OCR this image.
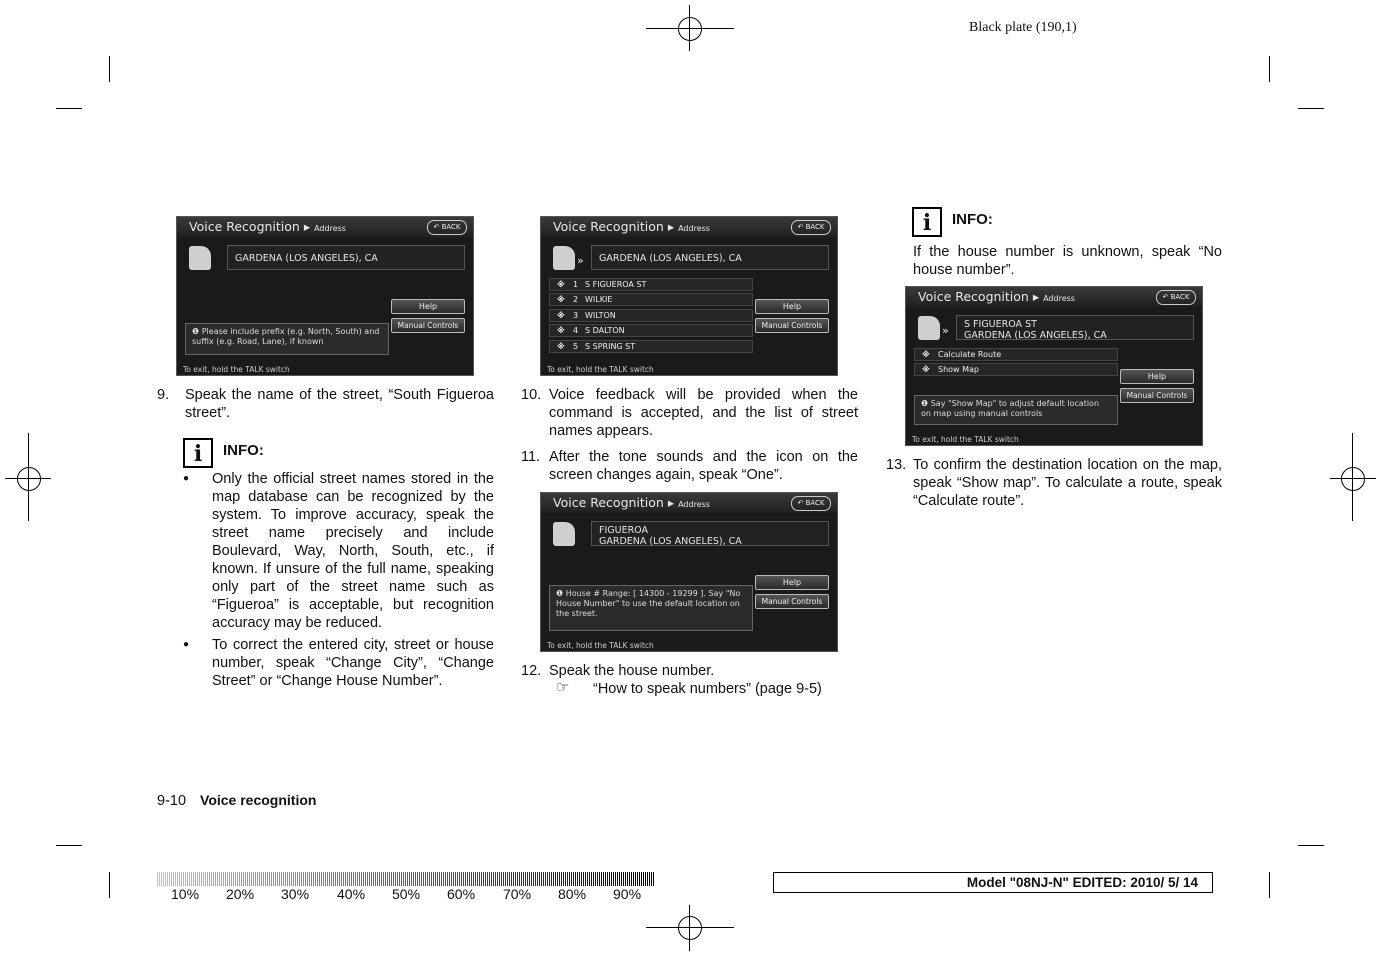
Black plate (190,1)
Voice Recognition ▸ Address	↶ BACK
GARDENA (LOS ANGELES), CA
Help
Manual Controls
❶ Please include prefix (e.g. North, South) and suffix (e.g. Road, Lane), if known
To exit, hold the TALK switch
Voice Recognition ▸ Address	↶ BACK
»
GARDENA (LOS ANGELES), CA
※ 1 S FIGUEROA ST
※ 2 WILKIE
※ 3 WILTON
※ 4 S DALTON
※ 5 S SPRING ST
Help
Manual Controls
To exit, hold the TALK switch
Voice Recognition ▸ Address	↶ BACK
FIGUEROA
GARDENA (LOS ANGELES), CA
Help
Manual Controls
❶ House # Range: [ 14300 - 19299 ]. Say "No House Number" to use the default location on the street.
To exit, hold the TALK switch
Voice Recognition ▸ Address	↶ BACK
»
S FIGUEROA ST
GARDENA (LOS ANGELES), CA
※ Calculate Route
※ Show Map
Help
Manual Controls
❶ Say "Show Map" to adjust default location on map using manual controls
To exit, hold the TALK switch
9. Speak the name of the street, “South Figueroa street”.
i	INFO:
● Only the official street names stored in the map database can be recognized by the system. To improve accuracy, speak the street name precisely and include Boulevard, Way, North, South, etc., if known. If unsure of the full name, speaking only part of the street name such as “Figueroa” is acceptable, but recognition accuracy may be reduced.
● To correct the entered city, street or house number, speak “Change City”, “Change Street” or “Change House Number”.
10. Voice feedback will be provided when the command is accepted, and the list of street names appears.
11. After the tone sounds and the icon on the screen changes again, speak “One”.
12. Speak the house number.
☞	“How to speak numbers” (page 9-5)
i	INFO:
If the house number is unknown, speak “No house number”.
13. To confirm the destination location on the map, speak “Show map”. To calculate a route, speak “Calculate route”.
9-10 Voice recognition
10% 20% 30% 40% 50% 60% 70% 80% 90%
Model "08NJ-N" EDITED: 2010/ 5/ 14
